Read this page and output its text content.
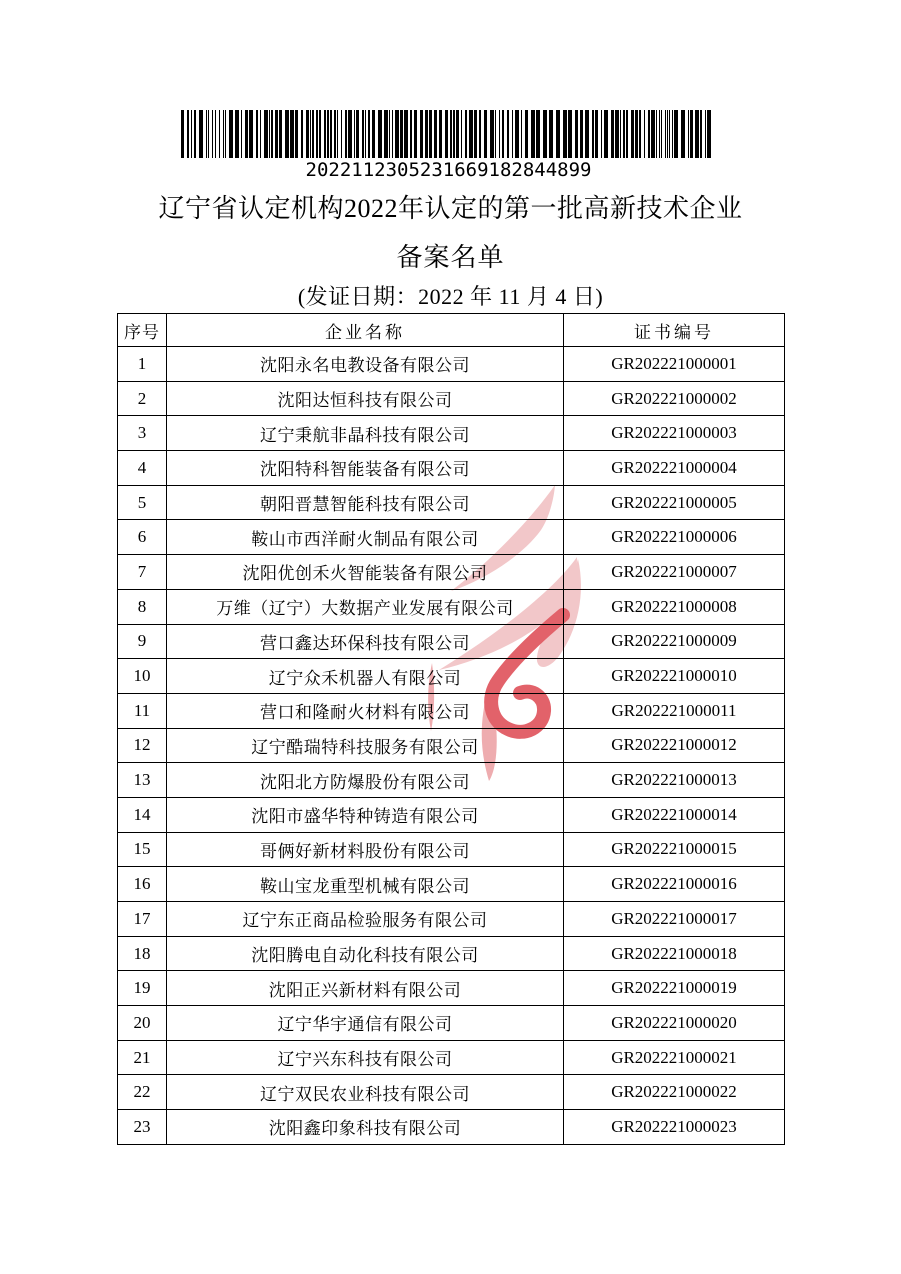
2022112305231669182844899
辽宁省认定机构2022年认定的第一批高新技术企业
备案名单
(发证日期：2022 年 11 月 4 日)
序号	企业名称	证书编号
1	沈阳永名电教设备有限公司	GR202221000001
2	沈阳达恒科技有限公司	GR202221000002
3	辽宁秉航非晶科技有限公司	GR202221000003
4	沈阳特科智能装备有限公司	GR202221000004
5	朝阳晋慧智能科技有限公司	GR202221000005
6	鞍山市西洋耐火制品有限公司	GR202221000006
7	沈阳优创禾火智能装备有限公司	GR202221000007
8	万维（辽宁）大数据产业发展有限公司	GR202221000008
9	营口鑫达环保科技有限公司	GR202221000009
10	辽宁众禾机器人有限公司	GR202221000010
11	营口和隆耐火材料有限公司	GR202221000011
12	辽宁酷瑞特科技服务有限公司	GR202221000012
13	沈阳北方防爆股份有限公司	GR202221000013
14	沈阳市盛华特种铸造有限公司	GR202221000014
15	哥俩好新材料股份有限公司	GR202221000015
16	鞍山宝龙重型机械有限公司	GR202221000016
17	辽宁东正商品检验服务有限公司	GR202221000017
18	沈阳腾电自动化科技有限公司	GR202221000018
19	沈阳正兴新材料有限公司	GR202221000019
20	辽宁华宇通信有限公司	GR202221000020
21	辽宁兴东科技有限公司	GR202221000021
22	辽宁双民农业科技有限公司	GR202221000022
23	沈阳鑫印象科技有限公司	GR202221000023
